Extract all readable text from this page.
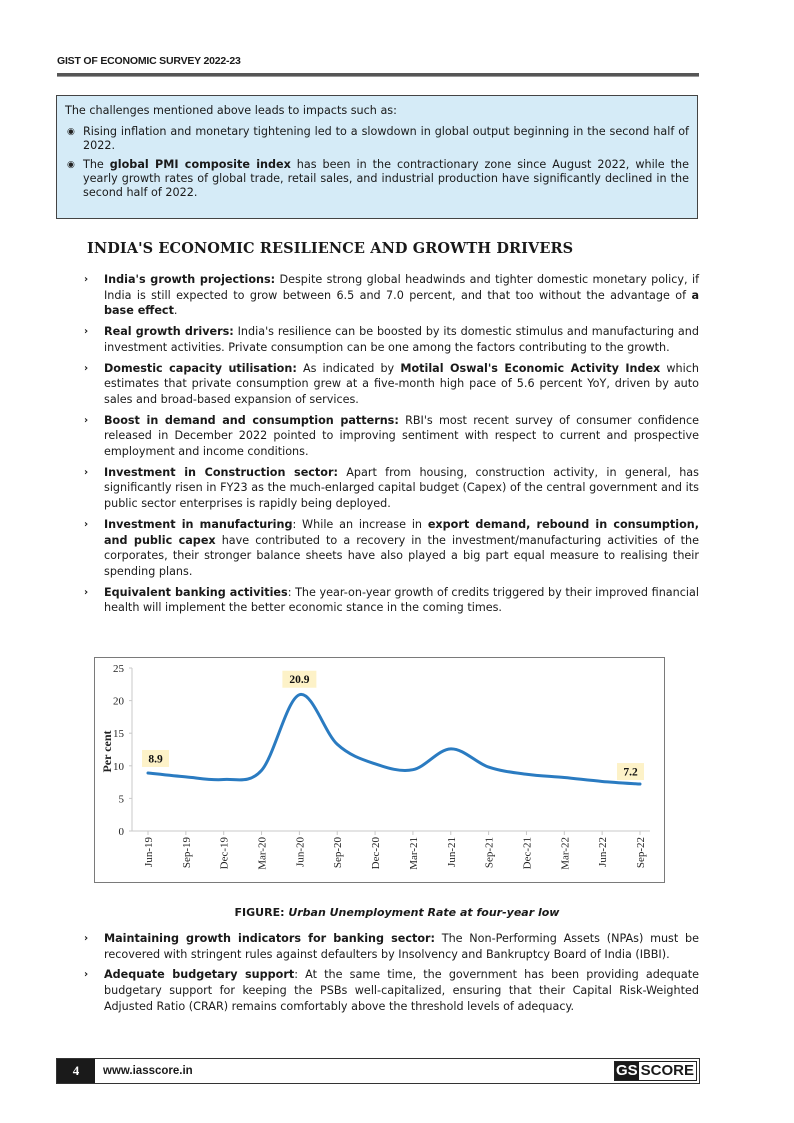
GIST OF ECONOMIC SURVEY 2022-23

The challenges mentioned above leads to impacts such as:

◉ Rising inflation and monetary tightening led to a slowdown in global output beginning in the second half of 2022.
◉ The global PMI composite index has been in the contractionary zone since August 2022, while the yearly growth rates of global trade, retail sales, and industrial production have significantly declined in the second half of 2022.
INDIA'S ECONOMIC RESILIENCE AND GROWTH DRIVERS
› India's growth projections: Despite strong global headwinds and tighter domestic monetary policy, if India is still expected to grow between 6.5 and 7.0 percent, and that too without the advantage of a base effect.
› Real growth drivers: India's resilience can be boosted by its domestic stimulus and manufacturing and investment activities. Private consumption can be one among the factors contributing to the growth.
› Domestic capacity utilisation: As indicated by Motilal Oswal's Economic Activity Index which estimates that private consumption grew at a five-month high pace of 5.6 percent YoY, driven by auto sales and broad-based expansion of services.
› Boost in demand and consumption patterns: RBI's most recent survey of consumer confidence released in December 2022 pointed to improving sentiment with respect to current and prospective employment and income conditions.
› Investment in Construction sector: Apart from housing, construction activity, in general, has significantly risen in FY23 as the much-enlarged capital budget (Capex) of the central government and its public sector enterprises is rapidly being deployed.
› Investment in manufacturing: While an increase in export demand, rebound in consumption, and public capex have contributed to a recovery in the investment/manufacturing activities of the corporates, their stronger balance sheets have also played a big part equal measure to realising their spending plans.
› Equivalent banking activities: The year-on-year growth of credits triggered by their improved financial health will implement the better economic stance in the coming times.
0
5
10
15
20
25
Jun-19 Sep-19 Dec-19 Mar-20 Jun-20 Sep-20 Dec-20 Mar-21 Jun-21 Sep-21 Dec-21 Mar-22 Jun-22 Sep-22
Per cent	8.9
20.9
7.2
FIGURE: Urban Unemployment Rate at four-year low
› Maintaining growth indicators for banking sector: The Non-Performing Assets (NPAs) must be recovered with stringent rules against defaulters by Insolvency and Bankruptcy Board of India (IBBI).
› Adequate budgetary support: At the same time, the government has been providing adequate budgetary support for keeping the PSBs well-capitalized, ensuring that their Capital Risk-Weighted Adjusted Ratio (CRAR) remains comfortably above the threshold levels of adequacy.
4	www.iasscore.in	GS SCORE
